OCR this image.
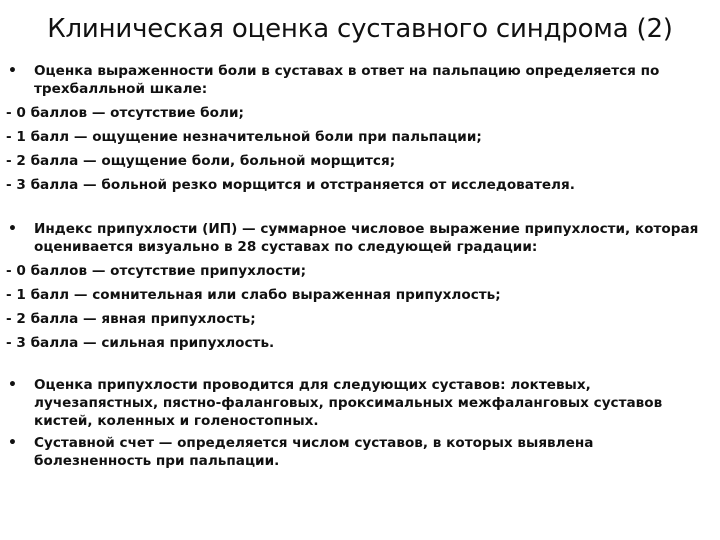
Клиническая оценка суставного синдрома (2)
• Оценка выраженности боли в суставах в ответ на пальпацию определяется по трехбалльной шкале:
- 0 баллов — отсутствие боли;
- 1 балл — ощущение незначительной боли при пальпации;
- 2 балла — ощущение боли, больной морщится;
- 3 балла — больной резко морщится и отстраняется от исследователя.
• Индекс припухлости (ИП) — суммарное числовое выражение припухлости, которая оценивается визуально в 28 суставах по следующей градации:
- 0 баллов — отсутствие припухлости;
- 1 балл — сомнительная или слабо выраженная припухлость;
- 2 балла — явная припухлость;
- 3 балла — сильная припухлость.
• Оценка припухлости проводится для следующих суставов: локтевых, лучезапястных, пястно-фаланговых, проксимальных межфаланговых суставов кистей, коленных и голеностопных.
• Суставной счет — определяется числом суставов, в которых выявлена болезненность при пальпации.
